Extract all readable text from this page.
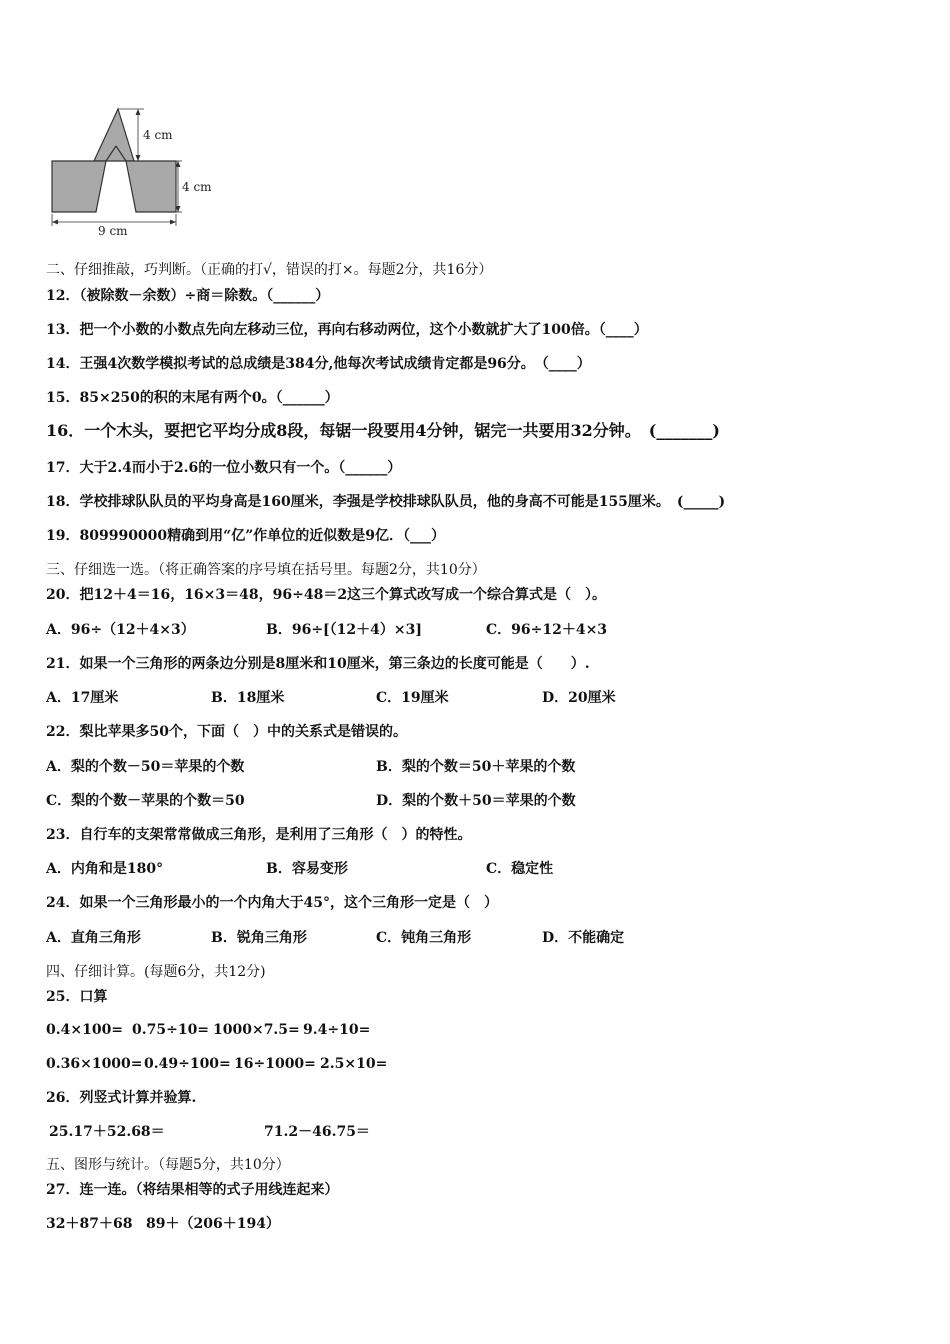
4 cm
4 cm
9 cm
二、仔细推敲，巧判断。（正确的打√，错误的打×。每题2分，共16分）
12．（被除数－余数）÷商＝除数。（______）
13．把一个小数的小数点先向左移动三位，再向右移动两位，这个小数就扩大了100倍。（____）
14．王强4次数学模拟考试的总成绩是384分,他每次考试成绩肯定都是96分。　（____）
15．85×250的积的末尾有两个0。（______）
16．一个木头，要把它平均分成8段，每锯一段要用4分钟，锯完一共要用32分钟。　(_______)
17．大于2.4而小于2.6的一位小数只有一个。（______）
18．学校排球队队员的平均身高是160厘米，李强是学校排球队队员，他的身高不可能是155厘米。　(_____)
19．809990000精确到用“亿”作单位的近似数是9亿．（___）
三、仔细选一选。（将正确答案的序号填在括号里。每题2分，共10分）
20．把12＋4＝16，16×3＝48，96÷48＝2这三个算式改写成一个综合算式是（　）。
A．96÷（12＋4×3）	B．96÷[（12＋4）×3]	C．96÷12＋4×3
21．如果一个三角形的两条边分别是8厘米和10厘米，第三条边的长度可能是（　　）.
A．17厘米	B．18厘米	C．19厘米	D．20厘米
22．梨比苹果多50个，下面（　）中的关系式是错误的。
A．梨的个数－50＝苹果的个数	B．梨的个数＝50＋苹果的个数
C．梨的个数－苹果的个数＝50	D．梨的个数＋50＝苹果的个数
23．自行车的支架常常做成三角形，是利用了三角形（　）的特性。
A．内角和是180°	B．容易变形	C．稳定性
24．如果一个三角形最小的一个内角大于45°，这个三角形一定是（　）
A．直角三角形	B．锐角三角形	C．钝角三角形	D．不能确定
四、仔细计算。(每题6分，共12分)
25．口算
0.4×100= 0.75÷10= 1000×7.5= 9.4÷10=
0.36×1000= 0.49÷100= 16÷1000= 2.5×10=
26．列竖式计算并验算.
25.17＋52.68＝	71.2－46.75＝
五、图形与统计。（每题5分，共10分）
27．连一连。（将结果相等的式子用线连起来）
32＋87＋68 89＋（206＋194）
